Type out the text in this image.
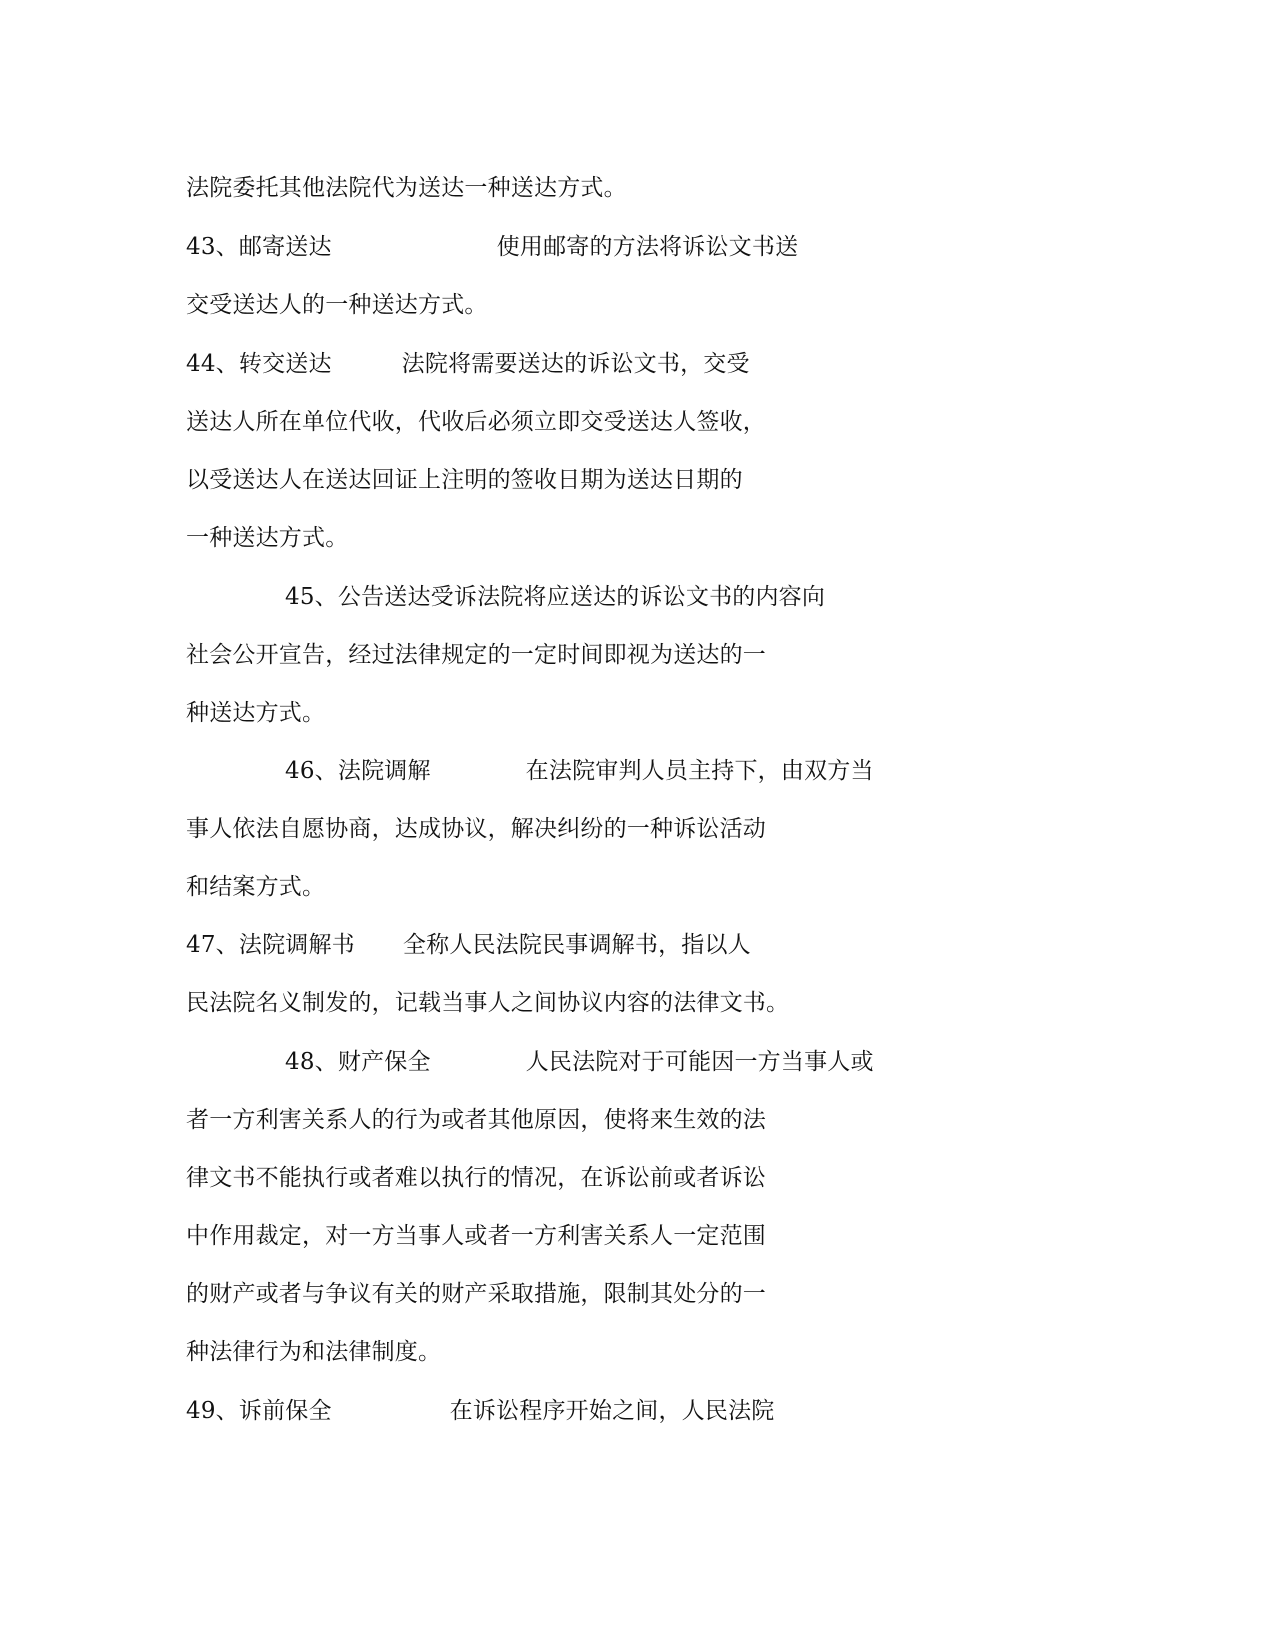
法院委托其他法院代为送达一种送达方式。
43、邮寄送达	使用邮寄的方法将诉讼文书送
交受送达人的一种送达方式。
44、转交送达	法院将需要送达的诉讼文书，交受
送达人所在单位代收，代收后必须立即交受送达人签收，
以受送达人在送达回证上注明的签收日期为送达日期的
一种送达方式。
45、公告送达受诉法院将应送达的诉讼文书的内容向
社会公开宣告，经过法律规定的一定时间即视为送达的一
种送达方式。
46、法院调解	在法院审判人员主持下，由双方当
事人依法自愿协商，达成协议，解决纠纷的一种诉讼活动
和结案方式。
47、法院调解书 全称人民法院民事调解书，指以人
民法院名义制发的，记载当事人之间协议内容的法律文书。
48、财产保全	人民法院对于可能因一方当事人或
者一方利害关系人的行为或者其他原因，使将来生效的法
律文书不能执行或者难以执行的情况，在诉讼前或者诉讼
中作用裁定，对一方当事人或者一方利害关系人一定范围
的财产或者与争议有关的财产采取措施，限制其处分的一
种法律行为和法律制度。
49、诉前保全	在诉讼程序开始之间，人民法院
